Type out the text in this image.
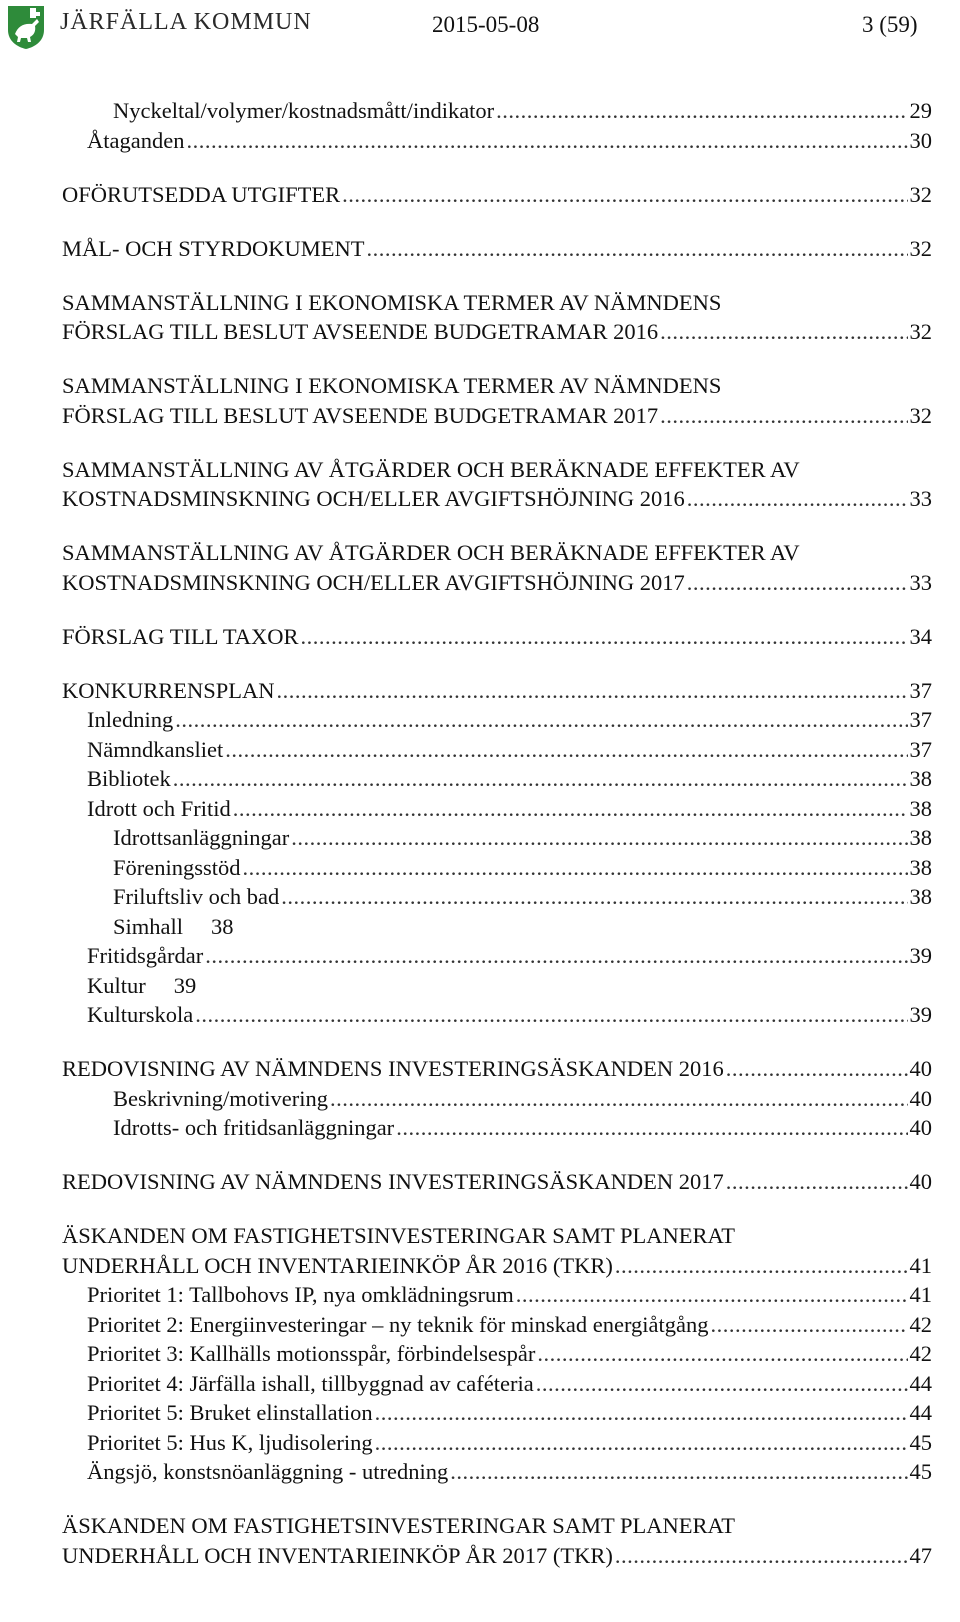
JÄRFÄLLA KOMMUN	2015-05-08	3 (59)
Nyckeltal/volymer/kostnadsmått/indikator .....	29
Åtaganden .....	30
OFÖRUTSEDDA UTGIFTER .....	32
MÅL- OCH STYRDOKUMENT .....	32
SAMMANSTÄLLNING I EKONOMISKA TERMER AV NÄMNDENS
FÖRSLAG TILL BESLUT AVSEENDE BUDGETRAMAR 2016 .....	32
SAMMANSTÄLLNING I EKONOMISKA TERMER AV NÄMNDENS
FÖRSLAG TILL BESLUT AVSEENDE BUDGETRAMAR 2017 .....	32
SAMMANSTÄLLNING AV ÅTGÄRDER OCH BERÄKNADE EFFEKTER AV
KOSTNADSMINSKNING OCH/ELLER AVGIFTSHÖJNING 2016 .....	33
SAMMANSTÄLLNING AV ÅTGÄRDER OCH BERÄKNADE EFFEKTER AV
KOSTNADSMINSKNING OCH/ELLER AVGIFTSHÖJNING 2017 .....	33
FÖRSLAG TILL TAXOR .....	34
KONKURRENSPLAN .....	37
Inledning .....	37
Nämndkansliet .....	37
Bibliotek .....	38
Idrott och Fritid .....	38
Idrottsanläggningar .....	38
Föreningsstöd .....	38
Friluftsliv och bad .....	38
Simhall 38
Fritidsgårdar .....	39
Kultur 39
Kulturskola .....	39
REDOVISNING AV NÄMNDENS INVESTERINGSÄSKANDEN 2016 .....	40
Beskrivning/motivering .....	40
Idrotts- och fritidsanläggningar .....	40
REDOVISNING AV NÄMNDENS INVESTERINGSÄSKANDEN 2017 .....	40
ÄSKANDEN OM FASTIGHETSINVESTERINGAR SAMT PLANERAT
UNDERHÅLL OCH INVENTARIEINKÖP ÅR 2016 (TKR) .....	41
Prioritet 1: Tallbohovs IP, nya omklädningsrum .....	41
Prioritet 2: Energiinvesteringar – ny teknik för minskad energiåtgång .....	42
Prioritet 3: Kallhälls motionsspår, förbindelsespår .....	42
Prioritet 4: Järfälla ishall, tillbyggnad av caféteria .....	44
Prioritet 5: Bruket elinstallation .....	44
Prioritet 5: Hus K, ljudisolering .....	45
Ängsjö, konstsnöanläggning - utredning .....	45
ÄSKANDEN OM FASTIGHETSINVESTERINGAR SAMT PLANERAT
UNDERHÅLL OCH INVENTARIEINKÖP ÅR 2017 (TKR) .....	47
